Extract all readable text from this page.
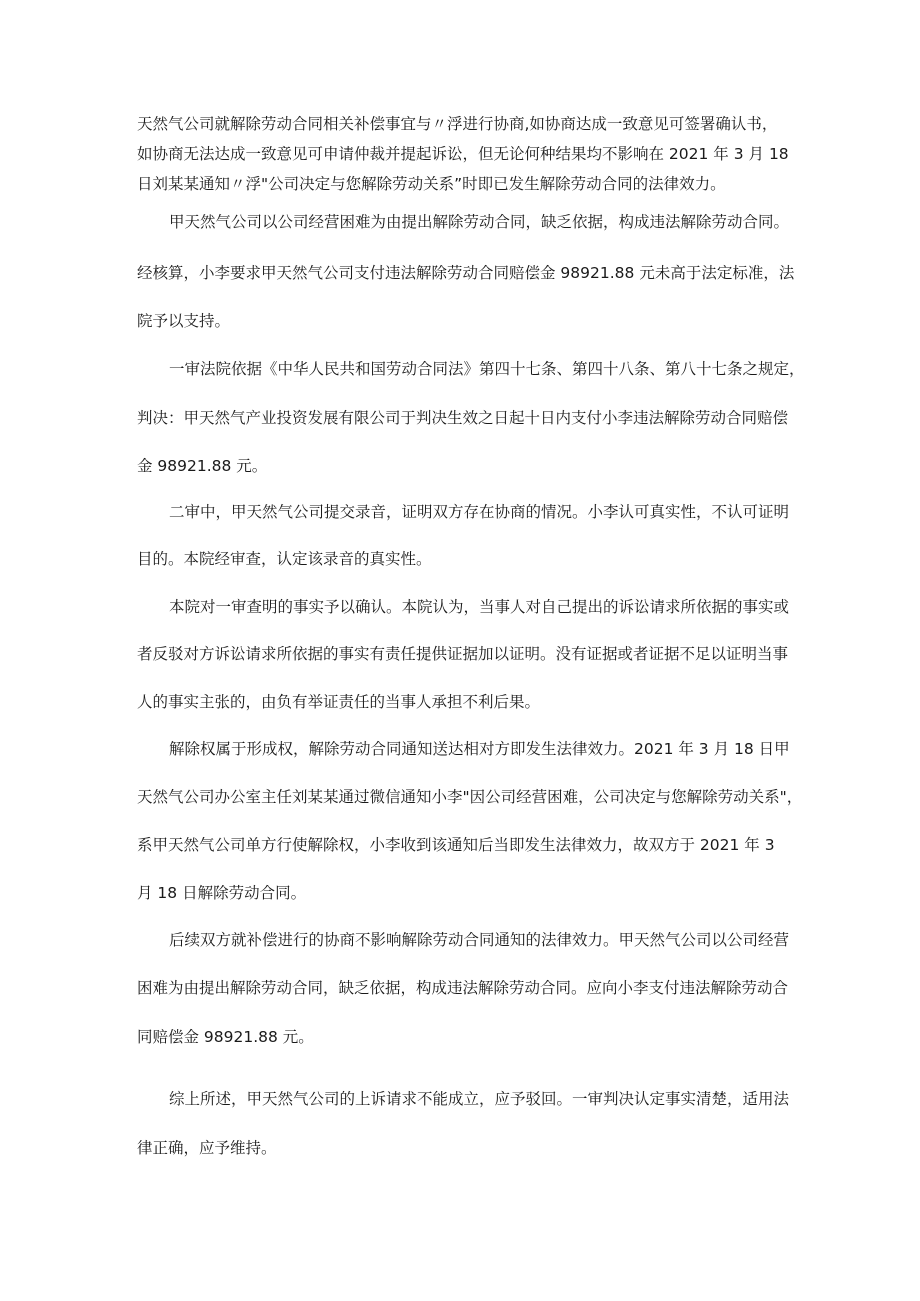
天然气公司就解除劳动合同相关补偿事宜与〃浮进行协商,如协商达成一致意见可签署确认书，

如协商无法达成一致意见可申请仲裁并提起诉讼，但无论何种结果均不影响在 2021 年 3 月 18

日刘某某通知〃浮"公司决定与您解除劳动关系”时即已发生解除劳动合同的法律效力。

甲天然气公司以公司经营困难为由提出解除劳动合同，缺乏依据，构成违法解除劳动合同。

经核算，小李要求甲天然气公司支付违法解除劳动合同赔偿金 98921.88 元未高于法定标准，法

院予以支持。

一审法院依据《中华人民共和国劳动合同法》第四十七条、第四十八条、第八十七条之规定，

判决：甲天然气产业投资发展有限公司于判决生效之日起十日内支付小李违法解除劳动合同赔偿

金 98921.88 元。

二审中，甲天然气公司提交录音，证明双方存在协商的情况。小李认可真实性，不认可证明

目的。本院经审查，认定该录音的真实性。

本院对一审查明的事实予以确认。本院认为，当事人对自己提出的诉讼请求所依据的事实或

者反驳对方诉讼请求所依据的事实有责任提供证据加以证明。没有证据或者证据不足以证明当事

人的事实主张的，由负有举证责任的当事人承担不利后果。

解除权属于形成权，解除劳动合同通知送达相对方即发生法律效力。2021 年 3 月 18 日甲

天然气公司办公室主任刘某某通过微信通知小李"因公司经营困难，公司决定与您解除劳动关系"，

系甲天然气公司单方行使解除权，小李收到该通知后当即发生法律效力，故双方于 2021 年 3

月 18 日解除劳动合同。

后续双方就补偿进行的协商不影响解除劳动合同通知的法律效力。甲天然气公司以公司经营

困难为由提出解除劳动合同，缺乏依据，构成违法解除劳动合同。应向小李支付违法解除劳动合

同赔偿金 98921.88 元。

综上所述，甲天然气公司的上诉请求不能成立，应予驳回。一审判决认定事实清楚，适用法

律正确，应予维持。
